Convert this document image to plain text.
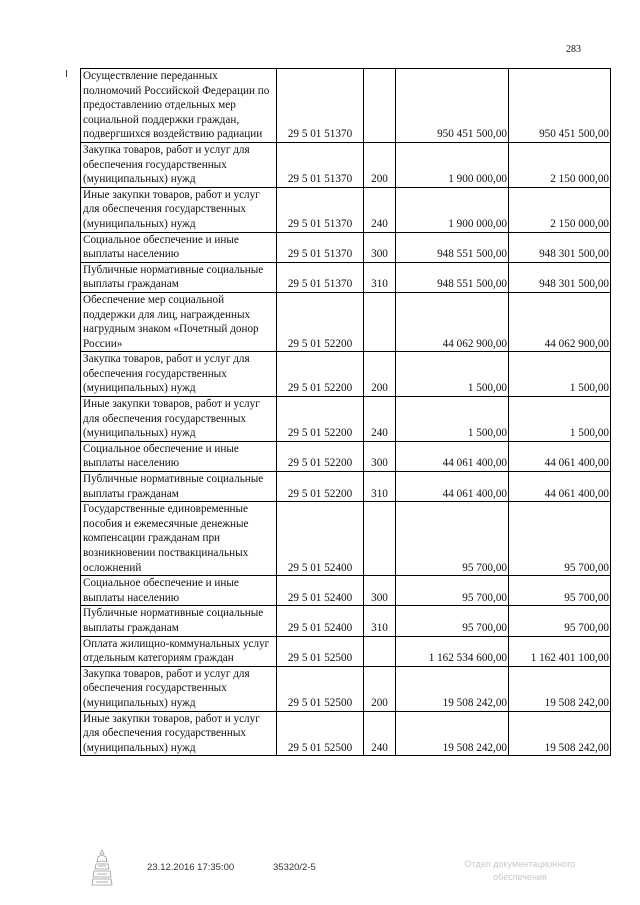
283
Осуществление переданных полномочий Российской Федерации по предоставлению отдельных мер социальной поддержки граждан, подвергшихся воздействию радиации	29 5 01 51370		950 451 500,00	950 451 500,00
Закупка товаров, работ и услуг для обеспечения государственных (муниципальных) нужд	29 5 01 51370	200	1 900 000,00	2 150 000,00
Иные закупки товаров, работ и услуг для обеспечения государственных (муниципальных) нужд	29 5 01 51370	240	1 900 000,00	2 150 000,00
Социальное обеспечение и иные выплаты населению	29 5 01 51370	300	948 551 500,00	948 301 500,00
Публичные нормативные социальные выплаты гражданам	29 5 01 51370	310	948 551 500,00	948 301 500,00
Обеспечение мер социальной поддержки для лиц, награжденных нагрудным знаком «Почетный донор России»	29 5 01 52200		44 062 900,00	44 062 900,00
Закупка товаров, работ и услуг для обеспечения государственных (муниципальных) нужд	29 5 01 52200	200	1 500,00	1 500,00
Иные закупки товаров, работ и услуг для обеспечения государственных (муниципальных) нужд	29 5 01 52200	240	1 500,00	1 500,00
Социальное обеспечение и иные выплаты населению	29 5 01 52200	300	44 061 400,00	44 061 400,00
Публичные нормативные социальные выплаты гражданам	29 5 01 52200	310	44 061 400,00	44 061 400,00
Государственные единовременные пособия и ежемесячные денежные компенсации гражданам при возникновении поствакцинальных осложнений	29 5 01 52400		95 700,00	95 700,00
Социальное обеспечение и иные выплаты населению	29 5 01 52400	300	95 700,00	95 700,00
Публичные нормативные социальные выплаты гражданам	29 5 01 52400	310	95 700,00	95 700,00
Оплата жилищно-коммунальных услуг отдельным категориям граждан	29 5 01 52500		1 162 534 600,00	1 162 401 100,00
Закупка товаров, работ и услуг для обеспечения государственных (муниципальных) нужд	29 5 01 52500	200	19 508 242,00	19 508 242,00
Иные закупки товаров, работ и услуг для обеспечения государственных (муниципальных) нужд	29 5 01 52500	240	19 508 242,00	19 508 242,00
23.12.2016 17:35:00	35320/2-5	Отдел документационного
обеспечения
